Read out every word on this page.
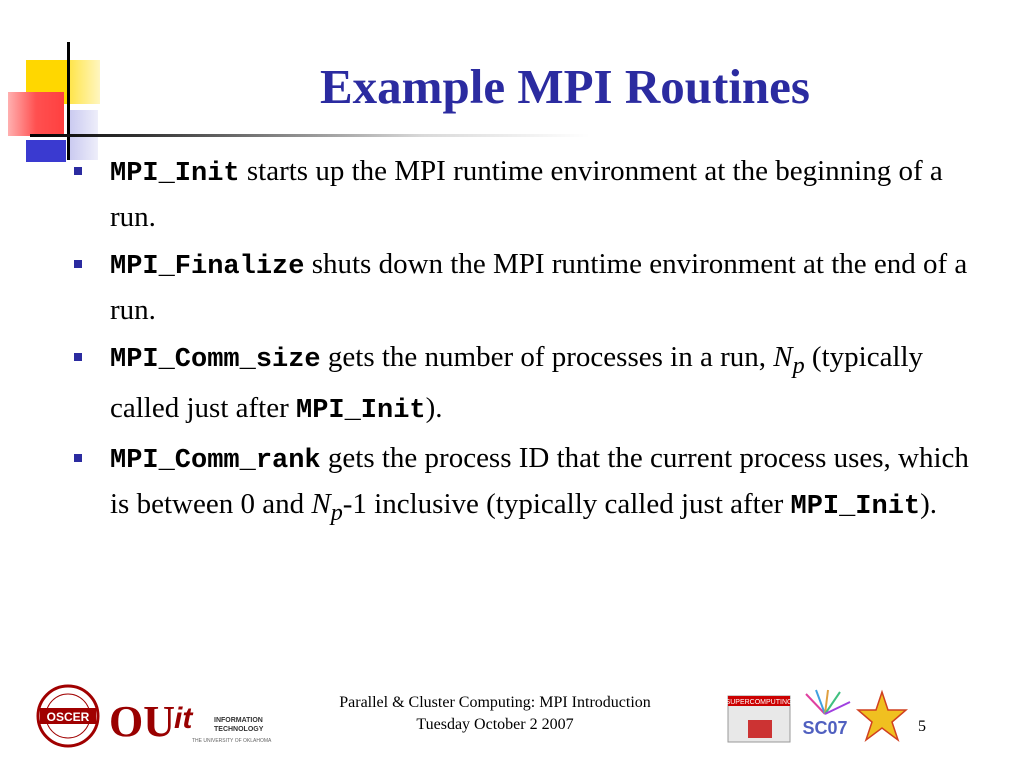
Example MPI Routines
MPI_Init starts up the MPI runtime environment at the beginning of a run.
MPI_Finalize shuts down the MPI runtime environment at the end of a run.
MPI_Comm_size gets the number of processes in a run, $N_p$ (typically called just after MPI_Init).
MPI_Comm_rank gets the process ID that the current process uses, which is between 0 and $N_p-1$ inclusive (typically called just after MPI_Init).
OSCER OU it	INFORMATION
TECHNOLOGY
THE UNIVERSITY OF OKLAHOMA
Parallel & Cluster Computing: MPI Introduction
Tuesday October 2 2007
SUPERCOMPUTING
SC07	5
